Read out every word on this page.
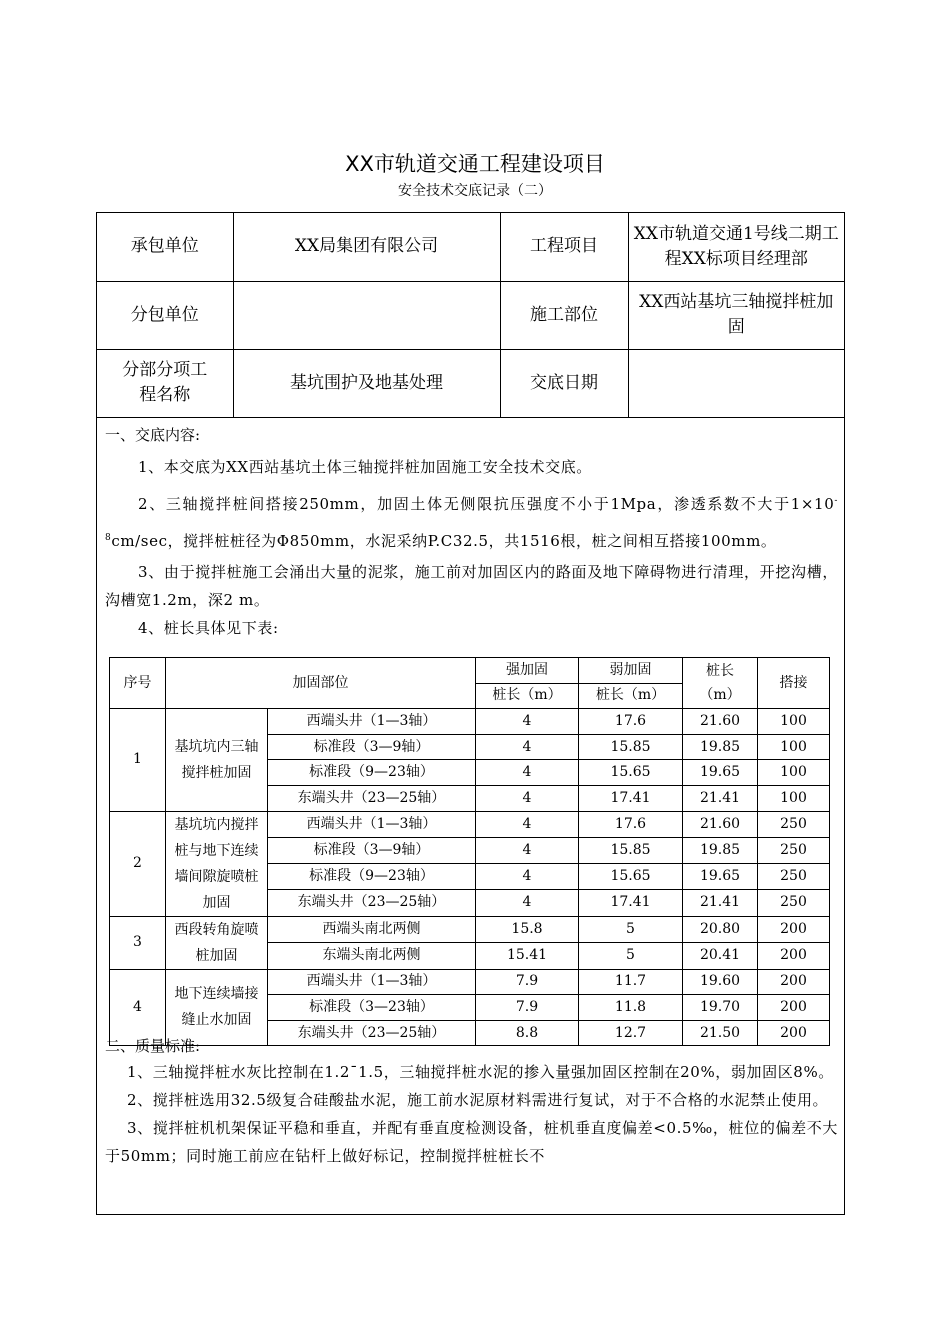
XX市轨道交通工程建设项目
安全技术交底记录（二）
承包单位	XX局集团有限公司	工程项目	XX市轨道交通1号线二期工程XX标项目经理部
分包单位		施工部位	XX西站基坑三轴搅拌桩加固
分部分项工程名称	基坑围护及地基处理	交底日期	
一、交底内容:
1、本交底为XX西站基坑土体三轴搅拌桩加固施工安全技术交底。
2、三轴搅拌桩间搭接250mm，加固土体无侧限抗压强度不小于1Mpa，渗透系数不大于$1\times 10^{-8}cm/\sec$，搅拌桩桩径为Φ850mm，水泥采纳P.C32.5，共1516根，桩之间相互搭接100mm。
3、由于搅拌桩施工会涌出大量的泥浆，施工前对加固区内的路面及地下障碍物进行清理，开挖沟槽，沟槽宽1.2m，深2 m。
4、桩长具体见下表:
序号	加固部位		强加固	弱加固	桩长（m）	搭接
			桩长（m）	桩长（m）		
1	基坑坑内三轴搅拌桩加固	西端头井（1—3轴）	4	17.6	21.60	100
		标准段（3—9轴）	4	15.85	19.85	100
		标准段（9—23轴）	4	15.65	19.65	100
		东端头井（23—25轴）	4	17.41	21.41	100
2	基坑坑内搅拌桩与地下连续墙间隙旋喷桩加固	西端头井（1—3轴）	4	17.6	21.60	250
		标准段（3—9轴）	4	15.85	19.85	250
		标准段（9—23轴）	4	15.65	19.65	250
		东端头井（23—25轴）	4	17.41	21.41	250
3	西段转角旋喷桩加固	西端头南北两侧	15.8	5	20.80	200
		东端头南北两侧	15.41	5	20.41	200
4	地下连续墙接缝止水加固	西端头井（1—3轴）	7.9	11.7	19.60	200
		标准段（3—23轴）	7.9	11.8	19.70	200
		东端头井（23—25轴）	8.8	12.7	21.50	200
二、质量标准:
1、三轴搅拌桩水灰比控制在1.2¯1.5，三轴搅拌桩水泥的掺入量强加固区控制在20%，弱加固区8%。
2、搅拌桩选用32.5级复合硅酸盐水泥，施工前水泥原材料需进行复试，对于不合格的水泥禁止使用。
3、搅拌桩机机架保证平稳和垂直，并配有垂直度检测设备，桩机垂直度偏差<0.5‰，桩位的偏差不大于50mm；同时施工前应在钻杆上做好标记，控制搅拌桩桩长不
